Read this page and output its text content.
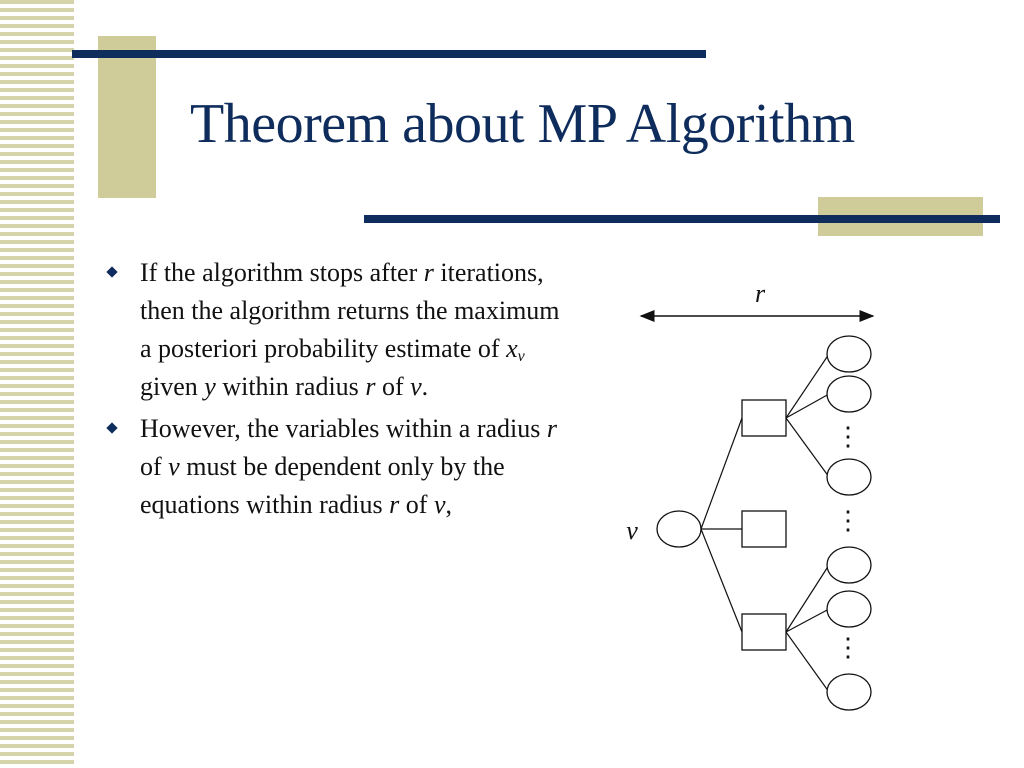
Theorem about MP Algorithm
If the algorithm stops after r iterations, then the algorithm returns the maximum a posteriori probability estimate of $x_v$ given y within radius r of v.
However, the variables within a radius r of v must be dependent only by the equations within radius r of v,
r
v
⋮
⋮
⋮
